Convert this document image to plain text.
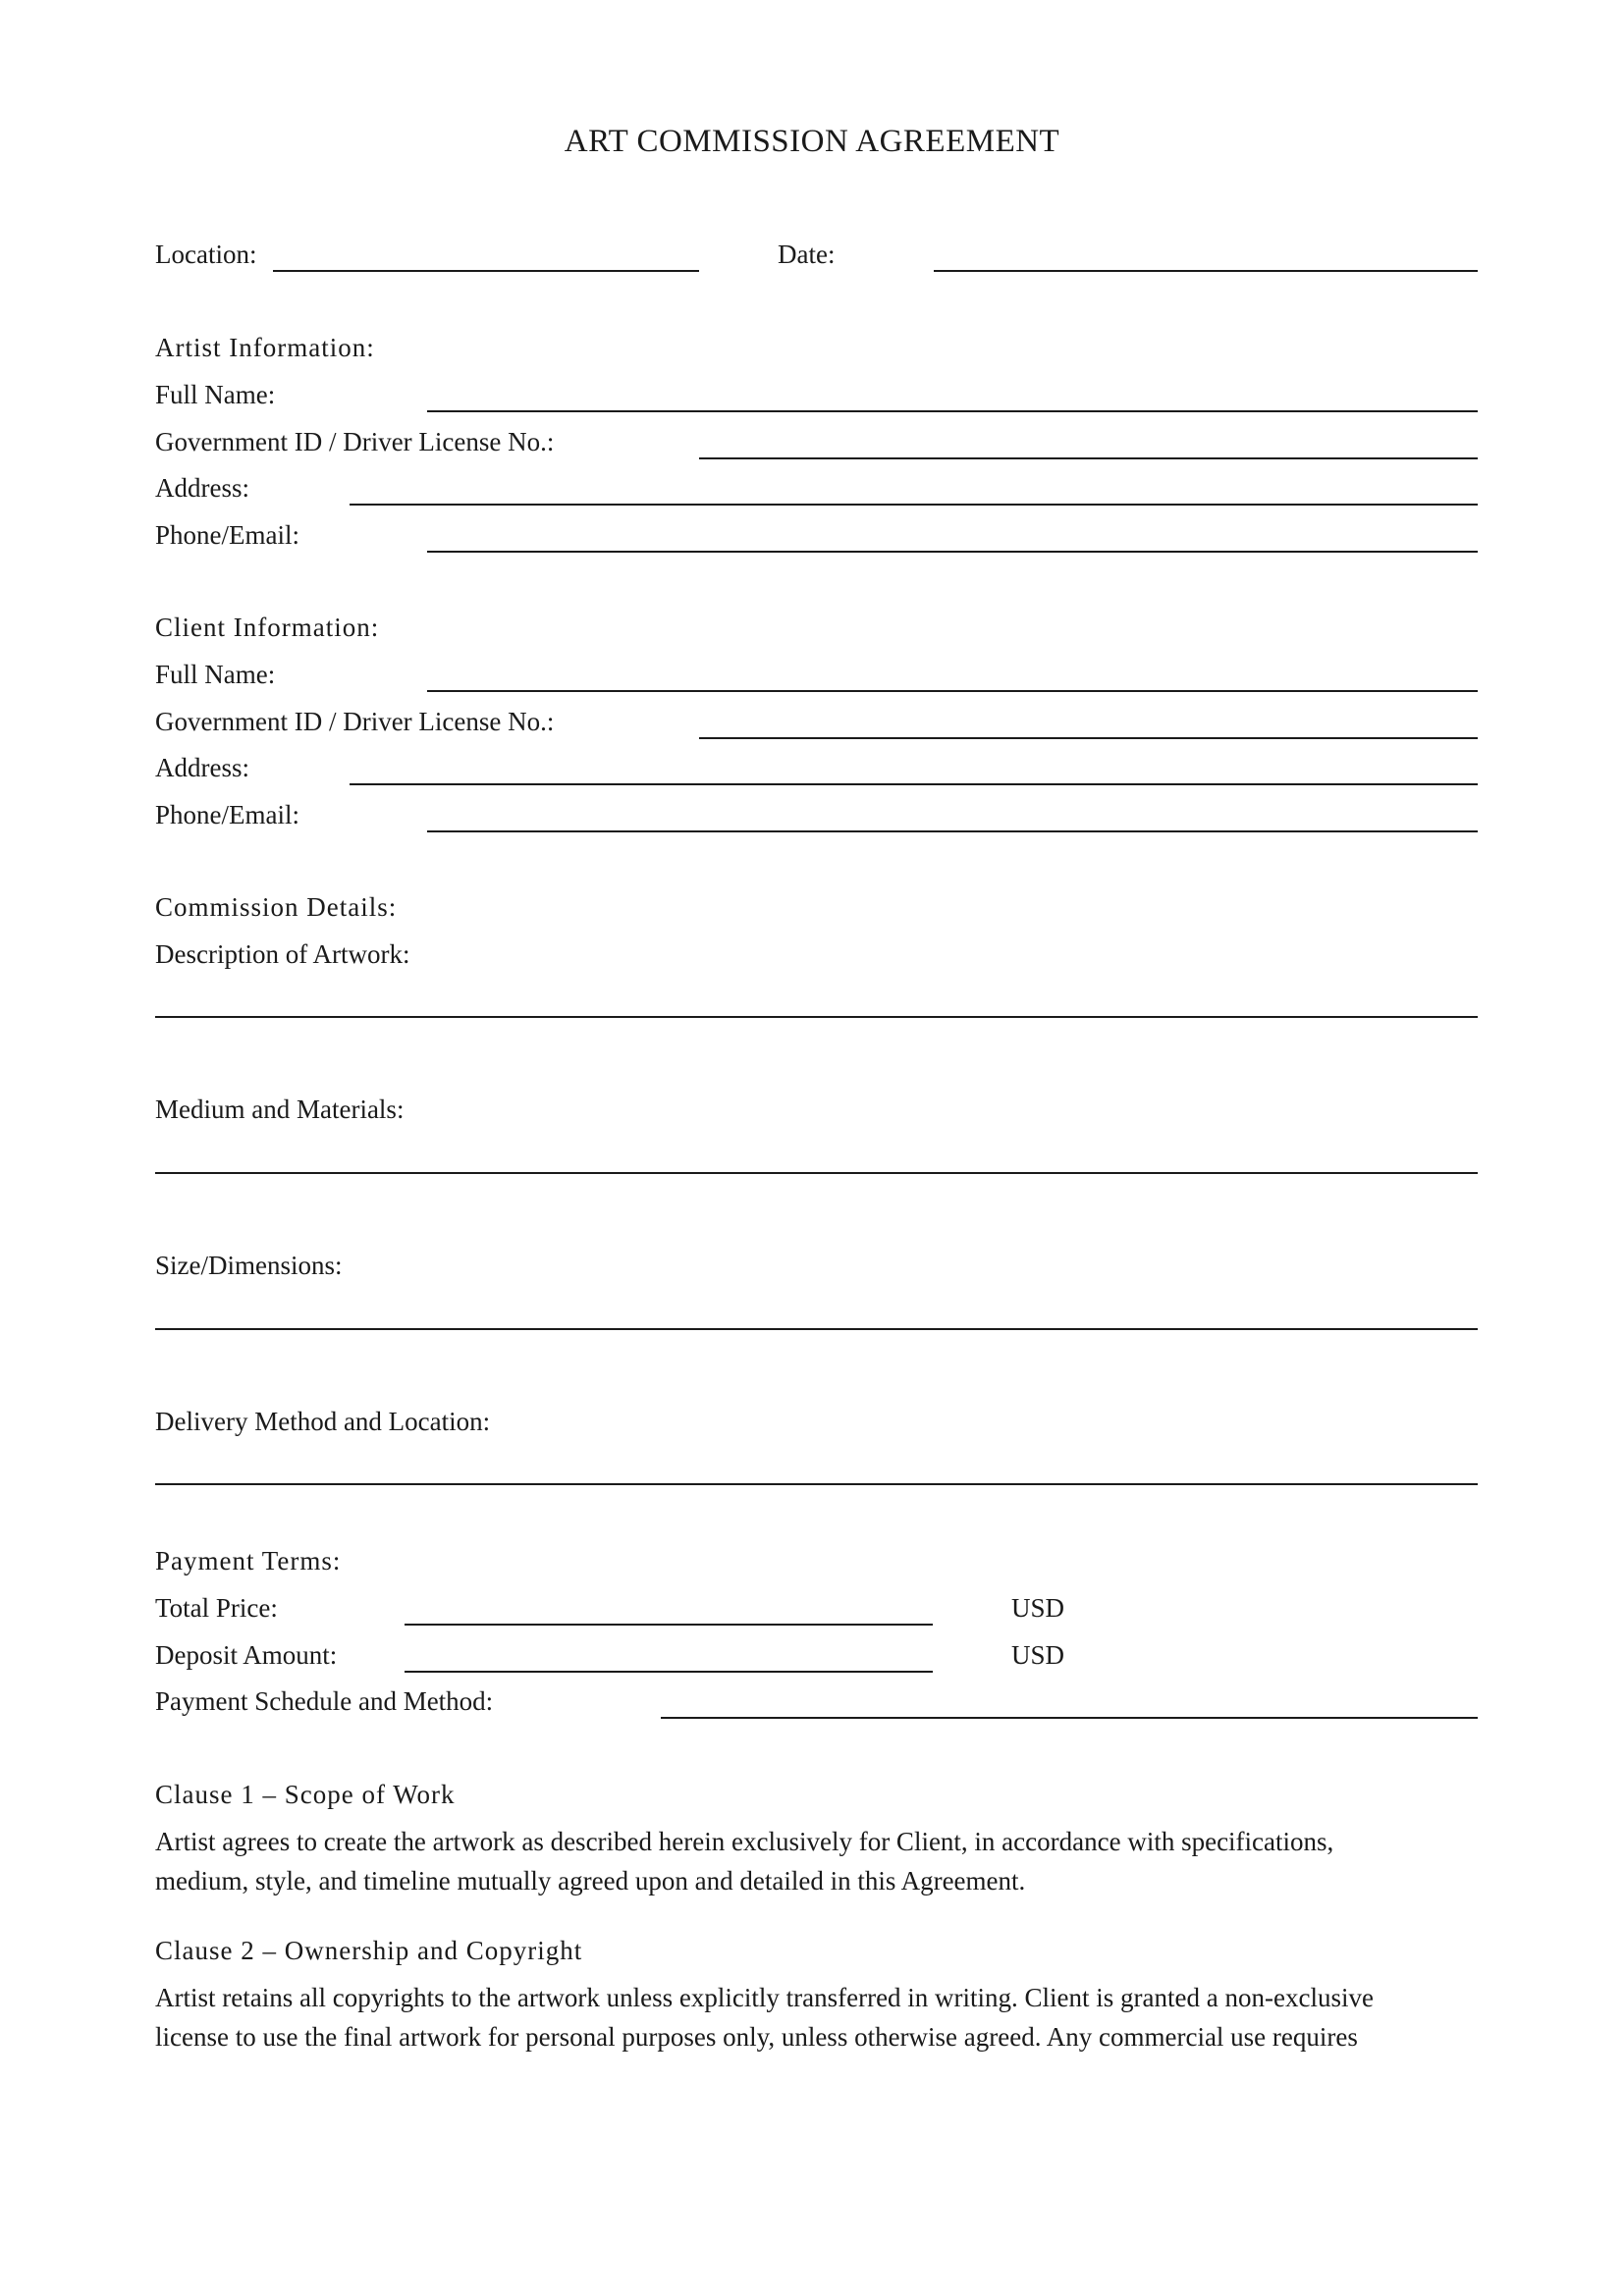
ART COMMISSION AGREEMENT
Location:	Date:
Artist Information:
Full Name:
Government ID / Driver License No.:
Address:
Phone/Email:
Client Information:
Full Name:
Government ID / Driver License No.:
Address:
Phone/Email:
Commission Details:
Description of Artwork:
Medium and Materials:
Size/Dimensions:
Delivery Method and Location:
Payment Terms:
Total Price:	USD
Deposit Amount:	USD
Payment Schedule and Method:
Clause 1 – Scope of Work
Artist agrees to create the artwork as described herein exclusively for Client, in accordance with specifications,
medium, style, and timeline mutually agreed upon and detailed in this Agreement.
Clause 2 – Ownership and Copyright
Artist retains all copyrights to the artwork unless explicitly transferred in writing. Client is granted a non-exclusive
license to use the final artwork for personal purposes only, unless otherwise agreed. Any commercial use requires
